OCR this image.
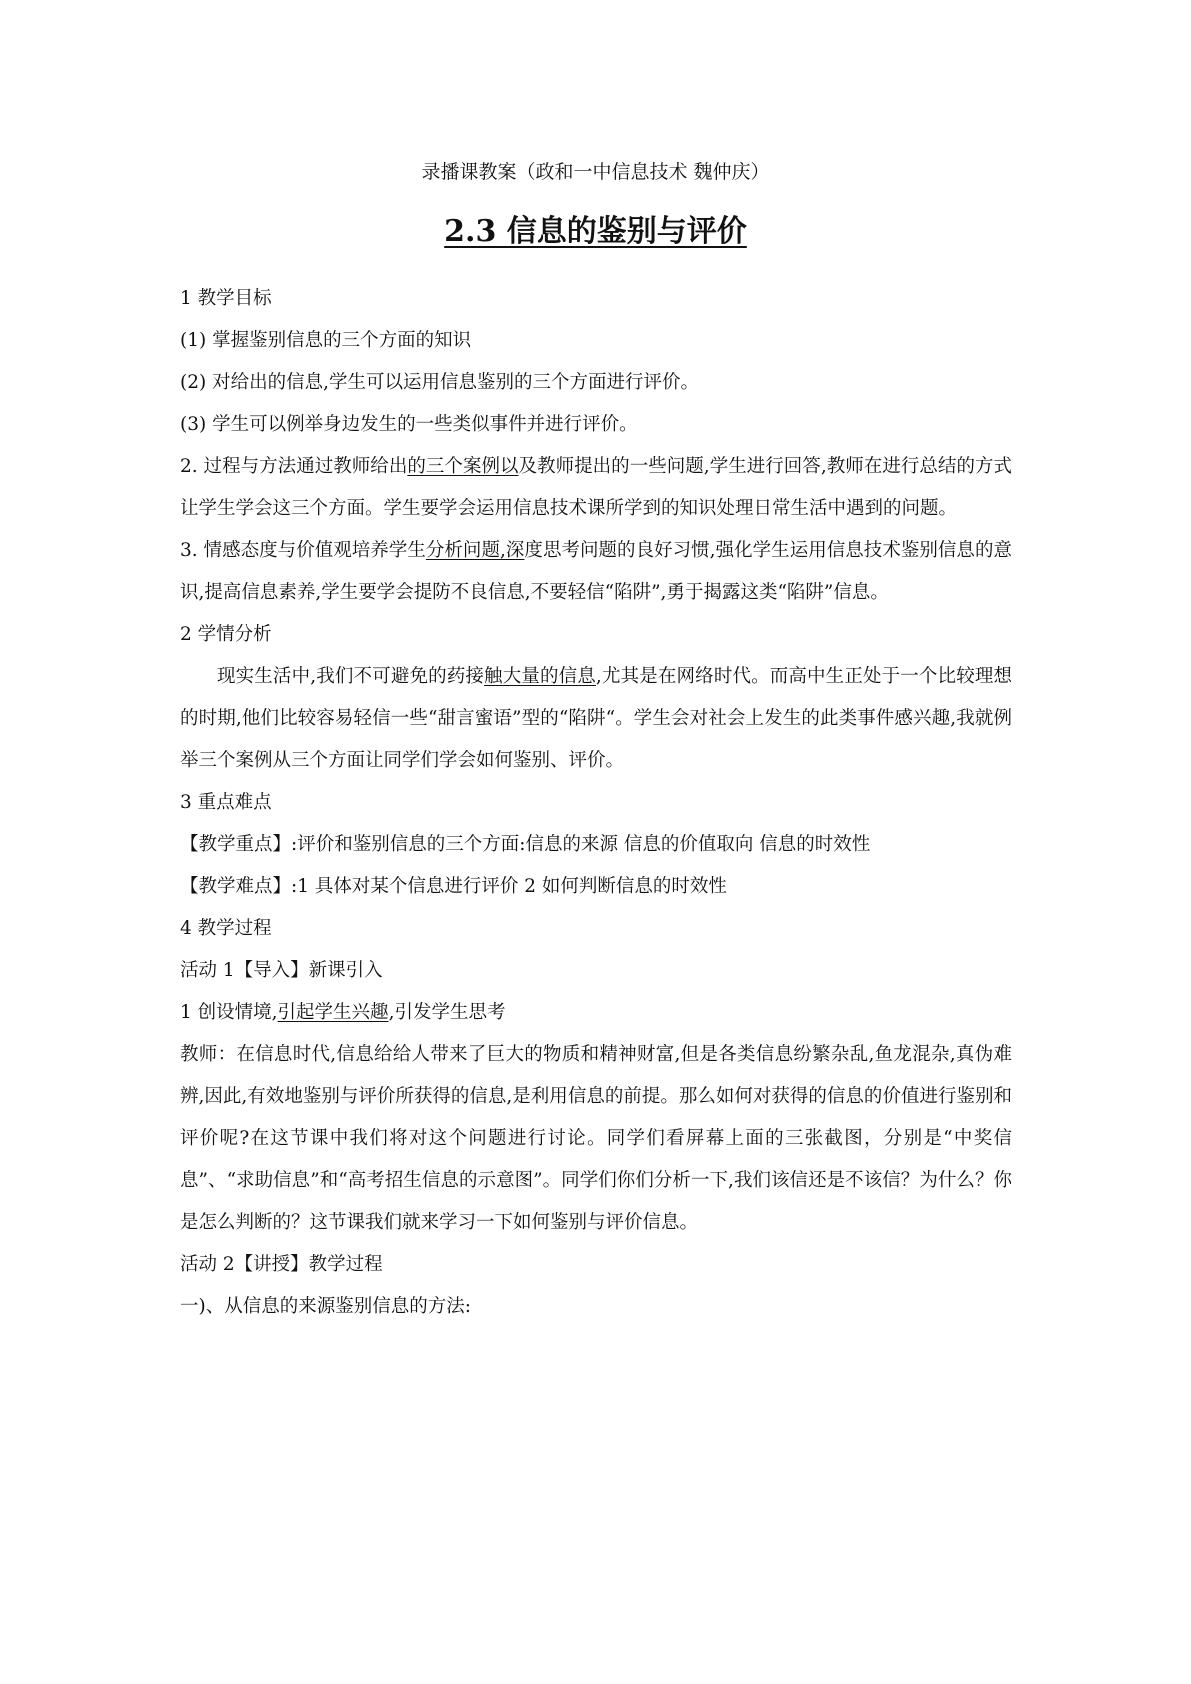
录播课教案（政和一中信息技术 魏仲庆）
2.3 信息的鉴别与评价

1 教学目标

(1) 掌握鉴别信息的三个方面的知识

(2) 对给出的信息,学生可以运用信息鉴别的三个方面进行评价。

(3) 学生可以例举身边发生的一些类似事件并进行评价。

2. 过程与方法通过教师给出的三个案例以及教师提出的一些问题,学生进行回答,教师在进行总结的方式让学生学会这三个方面。学生要学会运用信息技术课所学到的知识处理日常生活中遇到的问题。

3. 情感态度与价值观培养学生分析问题,深度思考问题的良好习惯,强化学生运用信息技术鉴别信息的意识,提高信息素养,学生要学会提防不良信息,不要轻信“陷阱”,勇于揭露这类“陷阱”信息。

2 学情分析

现实生活中,我们不可避免的药接触大量的信息,尤其是在网络时代。而高中生正处于一个比较理想的时期,他们比较容易轻信一些“甜言蜜语”型的“陷阱“。学生会对社会上发生的此类事件感兴趣,我就例举三个案例从三个方面让同学们学会如何鉴别、评价。

3 重点难点

【教学重点】:评价和鉴别信息的三个方面:信息的来源 信息的价值取向 信息的时效性

【教学难点】:1 具体对某个信息进行评价 2 如何判断信息的时效性

4 教学过程

活动 1【导入】新课引入

1 创设情境,引起学生兴趣,引发学生思考

教师：在信息时代,信息给给人带来了巨大的物质和精神财富,但是各类信息纷繁杂乱,鱼龙混杂,真伪难辨,因此,有效地鉴别与评价所获得的信息,是利用信息的前提。那么如何对获得的信息的价值进行鉴别和评价呢?在这节课中我们将对这个问题进行讨论。同学们看屏幕上面的三张截图，分别是“中奖信息”、“求助信息”和“高考招生信息的示意图”。同学们你们分析一下,我们该信还是不该信？为什么？你是怎么判断的？这节课我们就来学习一下如何鉴别与评价信息。

活动 2【讲授】教学过程

一)、从信息的来源鉴别信息的方法:
